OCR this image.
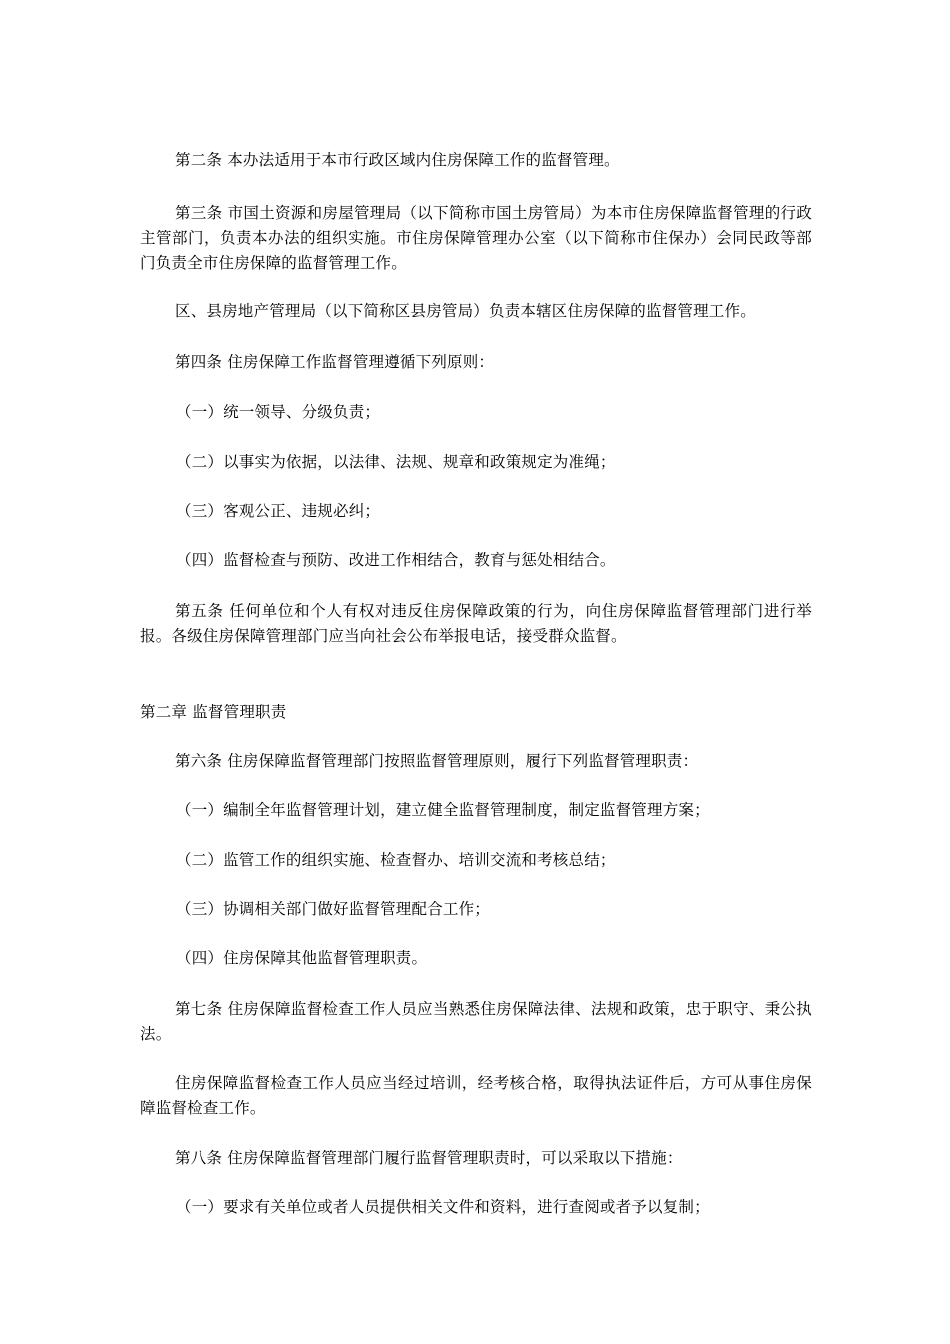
第二条 本办法适用于本市行政区域内住房保障工作的监督管理。

第三条 市国土资源和房屋管理局（以下简称市国土房管局）为本市住房保障监督管理的行政主管部门，负责本办法的组织实施。市住房保障管理办公室（以下简称市住保办）会同民政等部门负责全市住房保障的监督管理工作。

区、县房地产管理局（以下简称区县房管局）负责本辖区住房保障的监督管理工作。

第四条 住房保障工作监督管理遵循下列原则：

（一）统一领导、分级负责；

（二）以事实为依据，以法律、法规、规章和政策规定为准绳；

（三）客观公正、违规必纠；

（四）监督检查与预防、改进工作相结合，教育与惩处相结合。

第五条 任何单位和个人有权对违反住房保障政策的行为，向住房保障监督管理部门进行举报。各级住房保障管理部门应当向社会公布举报电话，接受群众监督。

第二章 监督管理职责

第六条 住房保障监督管理部门按照监督管理原则，履行下列监督管理职责：

（一）编制全年监督管理计划，建立健全监督管理制度，制定监督管理方案；

（二）监管工作的组织实施、检查督办、培训交流和考核总结；

（三）协调相关部门做好监督管理配合工作；

（四）住房保障其他监督管理职责。

第七条 住房保障监督检查工作人员应当熟悉住房保障法律、法规和政策，忠于职守、秉公执法。

住房保障监督检查工作人员应当经过培训，经考核合格，取得执法证件后，方可从事住房保障监督检查工作。

第八条 住房保障监督管理部门履行监督管理职责时，可以采取以下措施：

（一）要求有关单位或者人员提供相关文件和资料，进行查阅或者予以复制；
